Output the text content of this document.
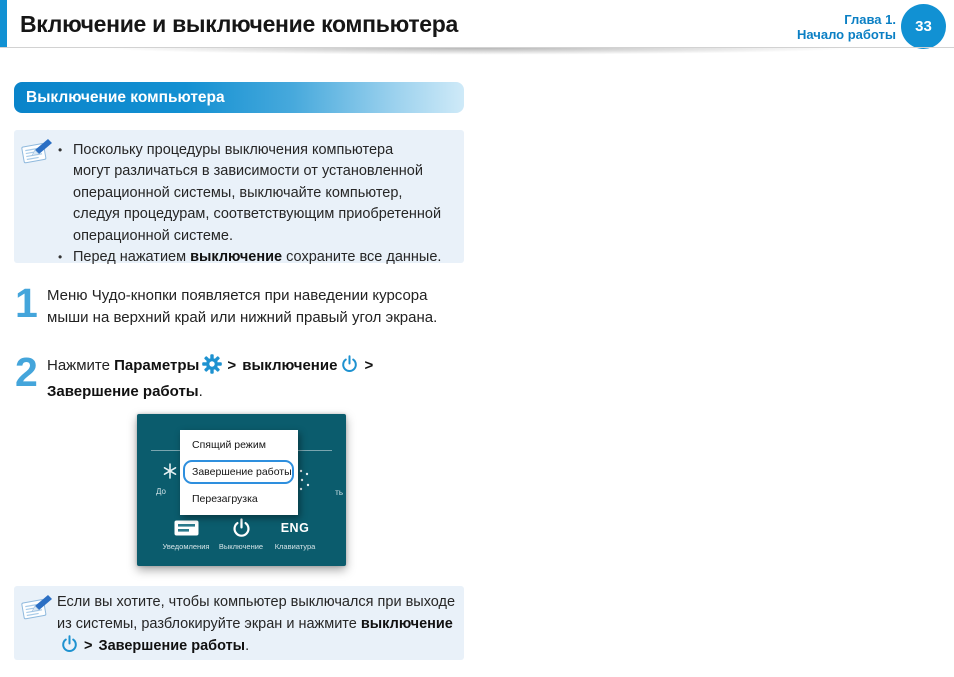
Включение и выключение компьютера	Глава 1.
Начало работы	33
Выключение компьютера
• Поскольку процедуры выключения компьютера
могут различаться в зависимости от установленной
операционной системы, выключайте компьютер,
следуя процедурам, соответствующим приобретенной
операционной системе.
• Перед нажатием выключение сохраните все данные.
1 Меню Чудо-кнопки появляется при наведении курсора
мыши на верхний край или нижний правый угол экрана.
2 Нажмите Параметры > выключение >
Завершение работы.
До	ть
Спящий режим
Завершение работы
Перезагрузка
Уведомления	Выключение
ENG
Клавиатура
Если вы хотите, чтобы компьютер выключался при выходе
из системы, разблокируйте экран и нажмите выключение
> Завершение работы.
